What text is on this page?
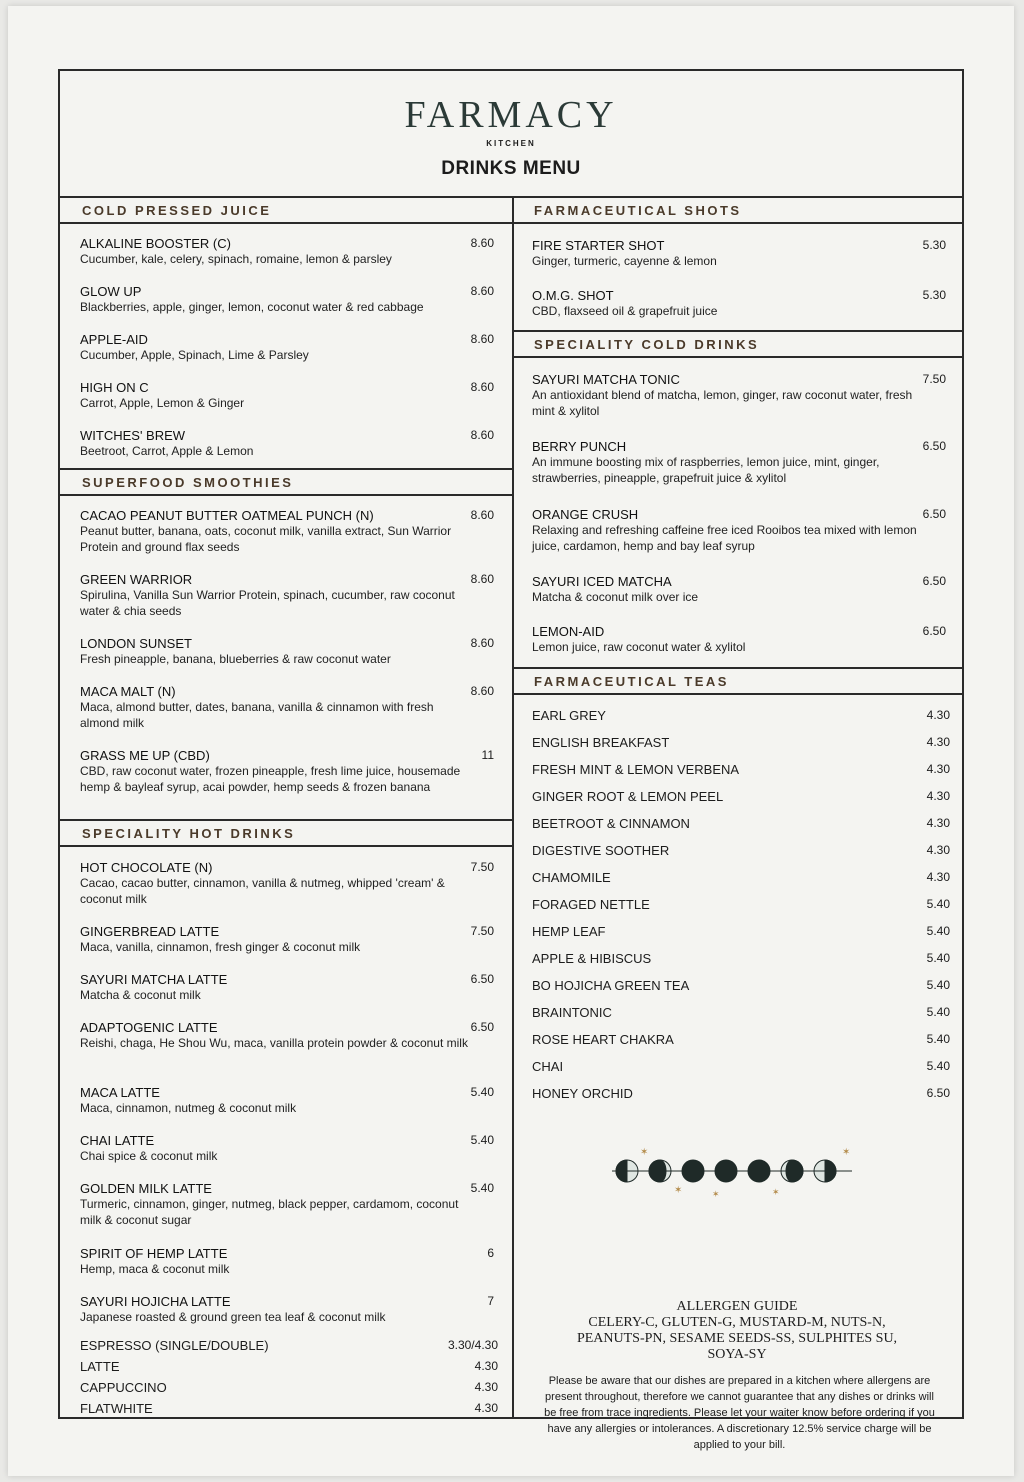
FARMACY
KITCHEN
DRINKS MENU
COLD PRESSED JUICE
ALKALINE BOOSTER (C)
Cucumber, kale, celery, spinach, romaine, lemon & parsley
8.60
GLOW UP
Blackberries, apple, ginger, lemon, coconut water & red cabbage
8.60
APPLE-AID
Cucumber, Apple, Spinach, Lime & Parsley
8.60
HIGH ON C
Carrot, Apple, Lemon & Ginger
8.60
WITCHES' BREW
Beetroot, Carrot, Apple & Lemon
8.60
SUPERFOOD SMOOTHIES
CACAO PEANUT BUTTER OATMEAL PUNCH (N)
Peanut butter, banana, oats, coconut milk, vanilla extract, Sun Warrior Protein and ground flax seeds
8.60
GREEN WARRIOR
Spirulina, Vanilla Sun Warrior Protein, spinach, cucumber, raw coconut water & chia seeds
8.60
LONDON SUNSET
Fresh pineapple, banana, blueberries & raw coconut water
8.60
MACA MALT (N)
Maca, almond butter, dates, banana, vanilla & cinnamon with fresh almond milk
8.60
GRASS ME UP (CBD)
CBD, raw coconut water, frozen pineapple, fresh lime juice, housemade hemp & bayleaf syrup, acai powder, hemp seeds & frozen banana
11
SPECIALITY HOT DRINKS
HOT CHOCOLATE (N)
Cacao, cacao butter, cinnamon, vanilla & nutmeg, whipped 'cream' & coconut milk
7.50
GINGERBREAD LATTE
Maca, vanilla, cinnamon, fresh ginger & coconut milk
7.50
SAYURI MATCHA LATTE
Matcha & coconut milk
6.50
ADAPTOGENIC LATTE
Reishi, chaga, He Shou Wu, maca, vanilla protein powder & coconut milk
6.50
MACA LATTE
Maca, cinnamon, nutmeg & coconut milk
5.40
CHAI LATTE
Chai spice & coconut milk
5.40
GOLDEN MILK LATTE
Turmeric, cinnamon, ginger, nutmeg, black pepper, cardamom, coconut milk & coconut sugar
5.40
SPIRIT OF HEMP LATTE
Hemp, maca & coconut milk
6
SAYURI HOJICHA LATTE
Japanese roasted & ground green tea leaf & coconut milk
7
ESPRESSO (SINGLE/DOUBLE)	3.30/4.30
LATTE	4.30
CAPPUCCINO	4.30
FLATWHITE	4.30
FARMACEUTICAL SHOTS
FIRE STARTER SHOT
Ginger, turmeric, cayenne & lemon
5.30
O.M.G. SHOT
CBD, flaxseed oil & grapefruit juice
5.30
SPECIALITY COLD DRINKS
SAYURI MATCHA TONIC
An antioxidant blend of matcha, lemon, ginger, raw coconut water, fresh mint & xylitol
7.50
BERRY PUNCH
An immune boosting mix of raspberries, lemon juice, mint, ginger, strawberries, pineapple, grapefruit juice & xylitol
6.50
ORANGE CRUSH
Relaxing and refreshing caffeine free iced Rooibos tea mixed with lemon juice, cardamon, hemp and bay leaf syrup
6.50
SAYURI ICED MATCHA
Matcha & coconut milk over ice
6.50
LEMON-AID
Lemon juice, raw coconut water & xylitol
6.50
FARMACEUTICAL TEAS
EARL GREY	4.30
ENGLISH BREAKFAST	4.30
FRESH MINT & LEMON VERBENA	4.30
GINGER ROOT & LEMON PEEL	4.30
BEETROOT & CINNAMON	4.30
DIGESTIVE SOOTHER	4.30
CHAMOMILE	4.30
FORAGED NETTLE	5.40
HEMP LEAF	5.40
APPLE & HIBISCUS	5.40
BO HOJICHA GREEN TEA	5.40
BRAINTONIC	5.40
ROSE HEART CHAKRA	5.40
CHAI	5.40
HONEY ORCHID	6.50
✶
✶	✶
✶
✶
ALLERGEN GUIDE
CELERY-C, GLUTEN-G, MUSTARD-M, NUTS-N,
PEANUTS-PN, SESAME SEEDS-SS, SULPHITES SU,
SOYA-SY
Please be aware that our dishes are prepared in a kitchen where allergens are present throughout, therefore we cannot guarantee that any dishes or drinks will be free from trace ingredients. Please let your waiter know before ordering if you have any allergies or intolerances. A discretionary 12.5% service charge will be applied to your bill.
